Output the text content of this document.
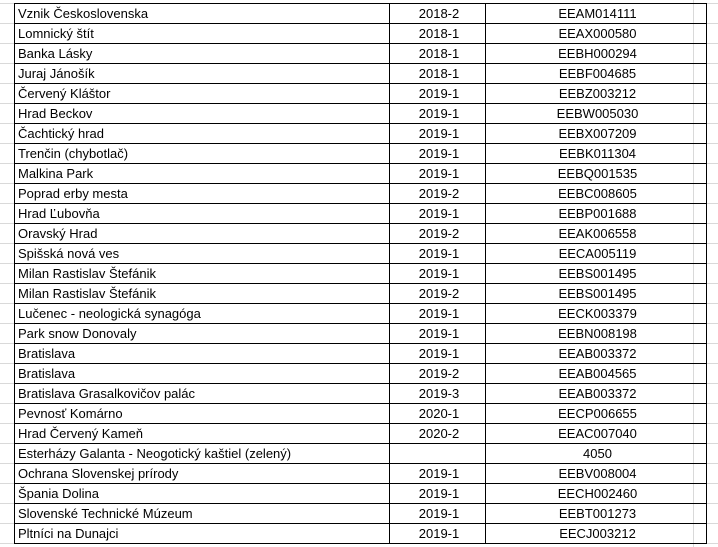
Vznik Československa	2018-2	EEAM014111
Lomnický štít	2018-1	EEAX000580
Banka Lásky	2018-1	EEBH000294
Juraj Jánošík	2018-1	EEBF004685
Červený Kláštor	2019-1	EEBZ003212
Hrad Beckov	2019-1	EEBW005030
Čachtický hrad	2019-1	EEBX007209
Trenčin (chybotlač)	2019-1	EEBK011304
Malkina Park	2019-1	EEBQ001535
Poprad erby mesta	2019-2	EEBC008605
Hrad Ľubovňa	2019-1	EEBP001688
Oravský Hrad	2019-2	EEAK006558
Spišská nová ves	2019-1	EECA005119
Milan Rastislav Štefánik	2019-1	EEBS001495
Milan Rastislav Štefánik	2019-2	EEBS001495
Lučenec - neologická synagóga	2019-1	EECK003379
Park snow Donovaly	2019-1	EEBN008198
Bratislava	2019-1	EEAB003372
Bratislava	2019-2	EEAB004565
Bratislava Grasalkovičov palác	2019-3	EEAB003372
Pevnosť Komárno	2020-1	EECP006655
Hrad Červený Kameň	2020-2	EEAC007040
Esterházy Galanta - Neogotický kaštiel (zelený)		4050
Ochrana Slovenskej prírody	2019-1	EEBV008004
Špania Dolina	2019-1	EECH002460
Slovenské Technické Múzeum	2019-1	EEBT001273
Pltníci na Dunajci	2019-1	EECJ003212
